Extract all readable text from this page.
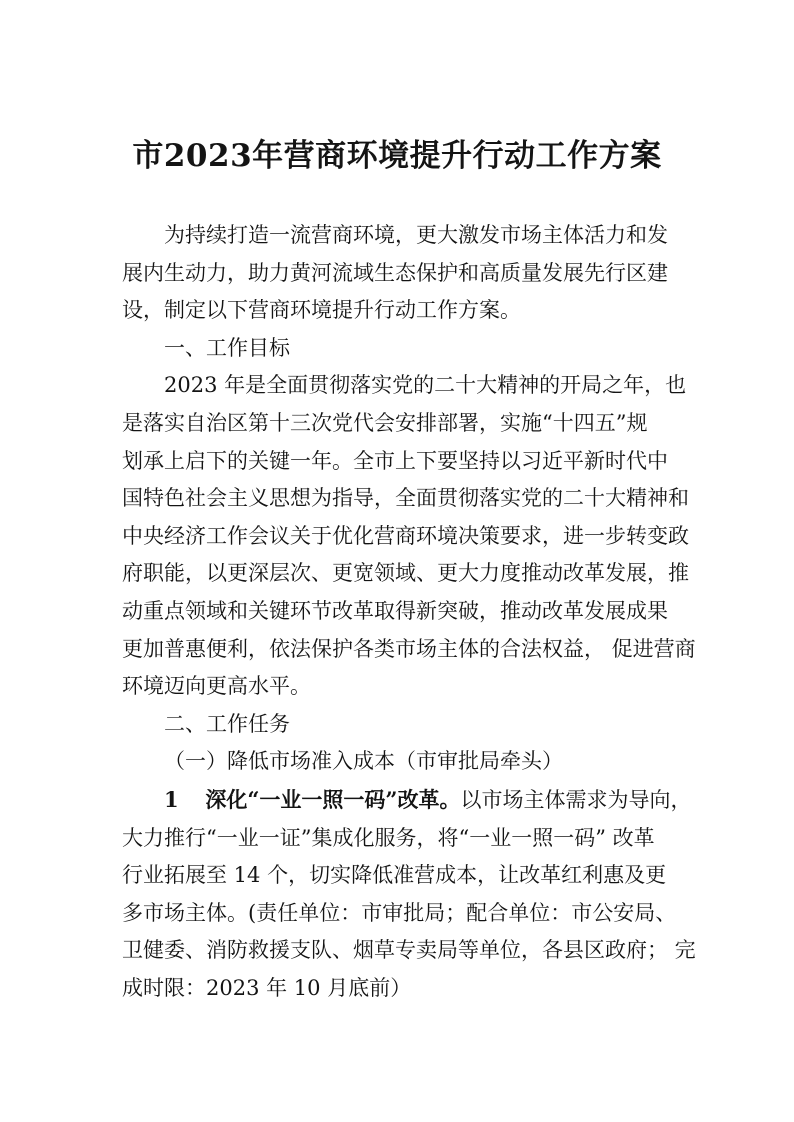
市2023年营商环境提升行动工作方案

为持续打造一流营商环境，更大激发市场主体活力和发

展内生动力，助力黄河流域生态保护和高质量发展先行区建

设，制定以下营商环境提升行动工作方案。

一、工作目标

2023 年是全面贯彻落实党的二十大精神的开局之年，也

是落实自治区第十三次党代会安排部署，实施“十四五”规

划承上启下的关键一年。全市上下要坚持以习近平新时代中

国特色社会主义思想为指导，全面贯彻落实党的二十大精神和

中央经济工作会议关于优化营商环境决策要求，进一步转变政

府职能，以更深层次、更宽领域、更大力度推动改革发展，推

动重点领域和关键环节改革取得新突破，推动改革发展成果

更加普惠便利，依法保护各类市场主体的合法权益， 促进营商

环境迈向更高水平。

二、工作任务

（一）降低市场准入成本（市审批局牵头）

1 深化“一业一照一码”改革。以市场主体需求为导向，

大力推行“一业一证”集成化服务，将“一业一照一码” 改革

行业拓展至 14 个，切实降低准营成本，让改革红利惠及更

多市场主体。(责任单位：市审批局；配合单位：市公安局、

卫健委、消防救援支队、烟草专卖局等单位，各县区政府； 完

成时限：2023 年 10 月底前）
